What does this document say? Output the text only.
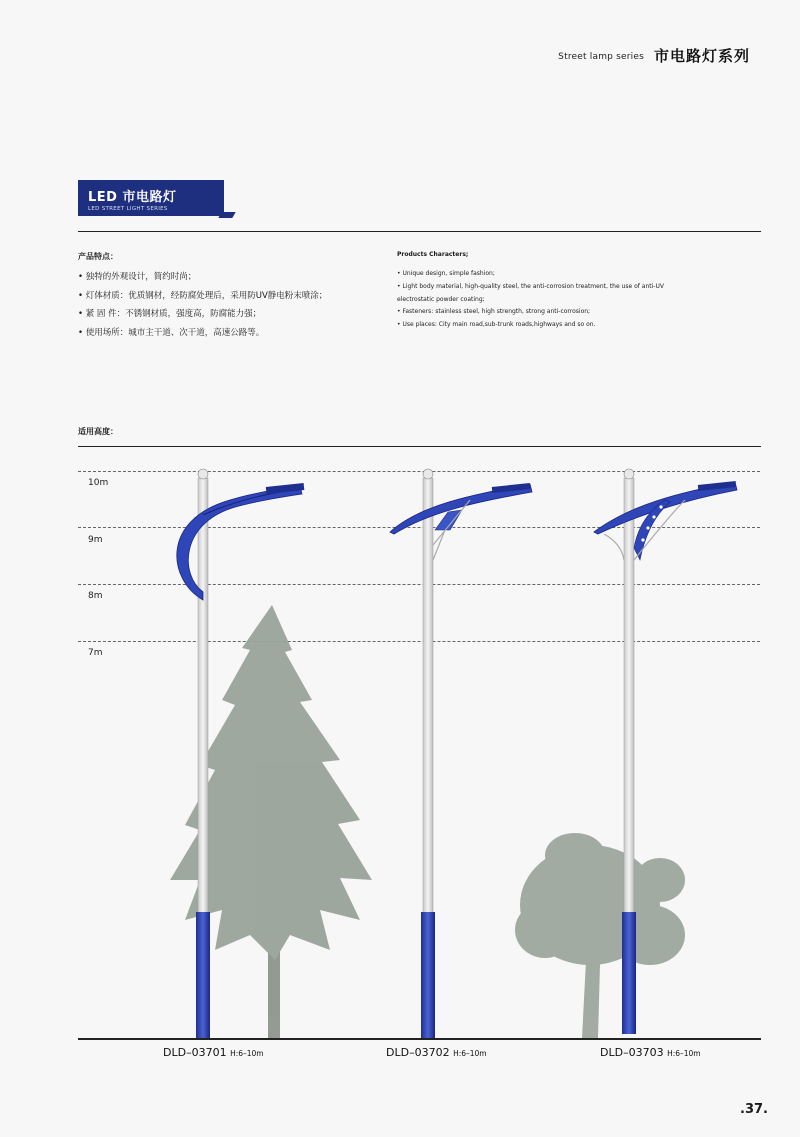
Street lamp series 市电路灯系列
LED 市电路灯
LED STREET LIGHT SERIES
产品特点：
• 独特的外观设计，简约时尚；
• 灯体材质：优质钢材，经防腐处理后，采用防UV静电粉末喷涂；
• 紧 固 件：不锈钢材质，强度高，防腐能力强；
• 使用场所：城市主干道、次干道，高速公路等。
Products Characters;
• Unique design, simple fashion;
• Light body material, high-quality steel, the anti-corrosion treatment, the use of anti-UV electrostatic powder coating;
• Fasteners: stainless steel, high strength, strong anti-corrosion;
• Use places: City main road,sub-trunk roads,highways and so on.
适用高度：
10m
9m
8m
7m
DLD–03701 H:6–10m	DLD–03702 H:6–10m	DLD–03703 H:6–10m
.37.
